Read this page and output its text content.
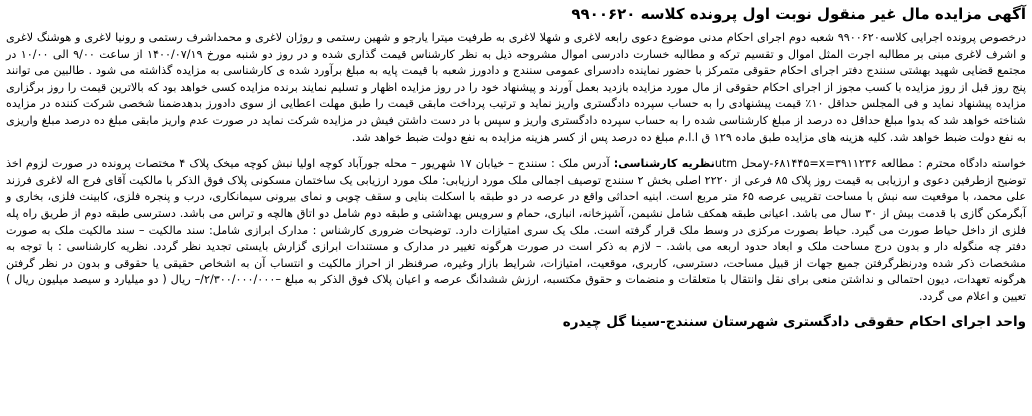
آگهی مزایده مال غیر منقول نوبت اول پرونده کلاسه ۹۹۰۰۶۲۰

درخصوص پرونده اجرایی کلاسه۹۹۰۰۶۲۰ شعبه دوم اجرای احکام مدنی موضوع دعوی رابعه لاغری و شهلا لاغری به طرفیت میترا یارجو و شهین رستمی و روژان لاغری و محمداشرف رستمی و رونیا لاغری و هوشنگ لاغری و اشرف لاغری مبنی بر مطالبه اجرت المثل اموال و تقسیم ترکه و مطالبه خسارت دادرسی اموال مشروحه ذیل به نظر کارشناس قیمت گذاری شده و در روز دو شنبه مورخ ۱۴۰۰/۰۷/۱۹ از ساعت ۹/۰۰ الی ۱۰/۰۰ در مجتمع قضایی شهید بهشتی سنندج دفتر اجرای احکام حقوقی متمرکز با حضور نماینده دادسرای عمومی سنندج و دادورز شعبه با قیمت پایه به مبلغ برآورد شده ی کارشناسی به مزایده گذاشته می شود . طالبین می توانند پنج روز قبل از روز مزایده با کسب مجوز از اجرای احکام حقوقی از مال مورد مزایده بازدید بعمل آورند و پیشنهاد خود را در روز مزایده اظهار و تسلیم نمایند برنده مزایده کسی خواهد بود که بالاترین قیمت را روز برگزاری مزایده پیشنهاد نماید و فی المجلس حداقل ۱۰٪ قیمت پیشنهادی را به حساب سپرده دادگستری واریز نماید و ترتیب پرداخت مابقی قیمت را طبق مهلت اعطایی از سوی دادورز بدهدضمنا شخصی شرکت کننده در مزایده شناخته خواهد شد که بدوا مبلغ حداقل ده درصد از مبلغ کارشناسی شده را به حساب سپرده دادگستری واریز و سپس با در دست داشتن فیش در مزایده شرکت نماید در صورت عدم واریز مابقی مبلغ ده درصد مبلغ واریزی به نفع دولت ضبط خواهد شد. کلیه هزینه های مزایده طبق ماده ۱۲۹ ق ا.ا.م مبلغ ده درصد پس از کسر هزینه مزایده به نفع دولت ضبط خواهد شد.

خواسته دادگاه محترم : مطالعه ۳۹۱۱۲۳۶=y-۶۸۱۴۴۵=xمحل utmنظریه کارشناسی: آدرس ملک : سنندج – خیابان ۱۷ شهریور – محله جورآباد کوچه اولیا نبش کوچه میخک پلاک ۴ مختصات پرونده در صورت لزوم اخذ توضیح ازطرفین دعوی و ارزیابی به قیمت روز پلاک ۸۵ فرعی از ۲۲۲۰ اصلی بخش ۲ سنندج توصیف اجمالی ملک مورد ارزیابی: ملک مورد ارزیابی یک ساختمان مسکونی پلاک فوق الذکر با مالکیت آقای فرج اله لاغری فرزند علی محمد، با موقعیت سه نبش با مساحت تقریبی عرصه ۶۵ متر مربع است. ابنیه احداثی واقع در عرصه در دو طبقه با اسکلت بنایی و سقف چوبی و نمای بیرونی سیمانکاری، درب و پنجره فلزی، کابینت فلزی، بخاری و آبگرمکن گازی با قدمت بیش از ۳۰ سال می باشد. اعیانی طبقه همکف شامل نشیمن، آشپزخانه، انباری، حمام و سرویس بهداشتی و طبقه دوم شامل دو اتاق هالچه و تراس می باشد. دسترسی طبقه دوم از طریق راه پله فلزی از داخل حیاط صورت می گیرد. حیاط بصورت مرکزی در وسط ملک قرار گرفته است. ملک یک سری امتیازات دارد. توضیحات ضروری کارشناس : مدارک ابرازی شامل: سند مالکیت – سند مالکیت ملک به صورت دفتر چه منگوله دار و بدون درج مساحت ملک و ابعاد حدود اربعه می باشد. – لازم به ذکر است در صورت هرگونه تغییر در مدارک و مستندات ابرازی گزارش بایستی تجدید نظر گردد. نظریه کارشناسی : با توجه به مشخصات ذکر شده ودرنظرگرفتن جمیع جهات از قبیل مساحت، دسترسی، کاربری، موقعیت، امتیازات، شرایط بازار وغیره، صرفنظر از احراز مالکیت و انتساب آن به اشخاص حقیقی یا حقوقی و بدون در نظر گرفتن هرگونه تعهدات، دیون احتمالی و نداشتن منعی برای نقل وانتقال با متعلقات و منضمات و حقوق مکتسبه، ارزش ششدانگ عرصه و اعیان پلاک فوق الذکر به مبلغ –۲/۳۰۰/۰۰۰/۰۰۰/– ریال ( دو میلیارد و سیصد میلیون ریال ) تعیین و اعلام می گردد.

واحد اجرای احکام حقوقی دادگستری شهرستان سنندج-سینا گل چیدره
